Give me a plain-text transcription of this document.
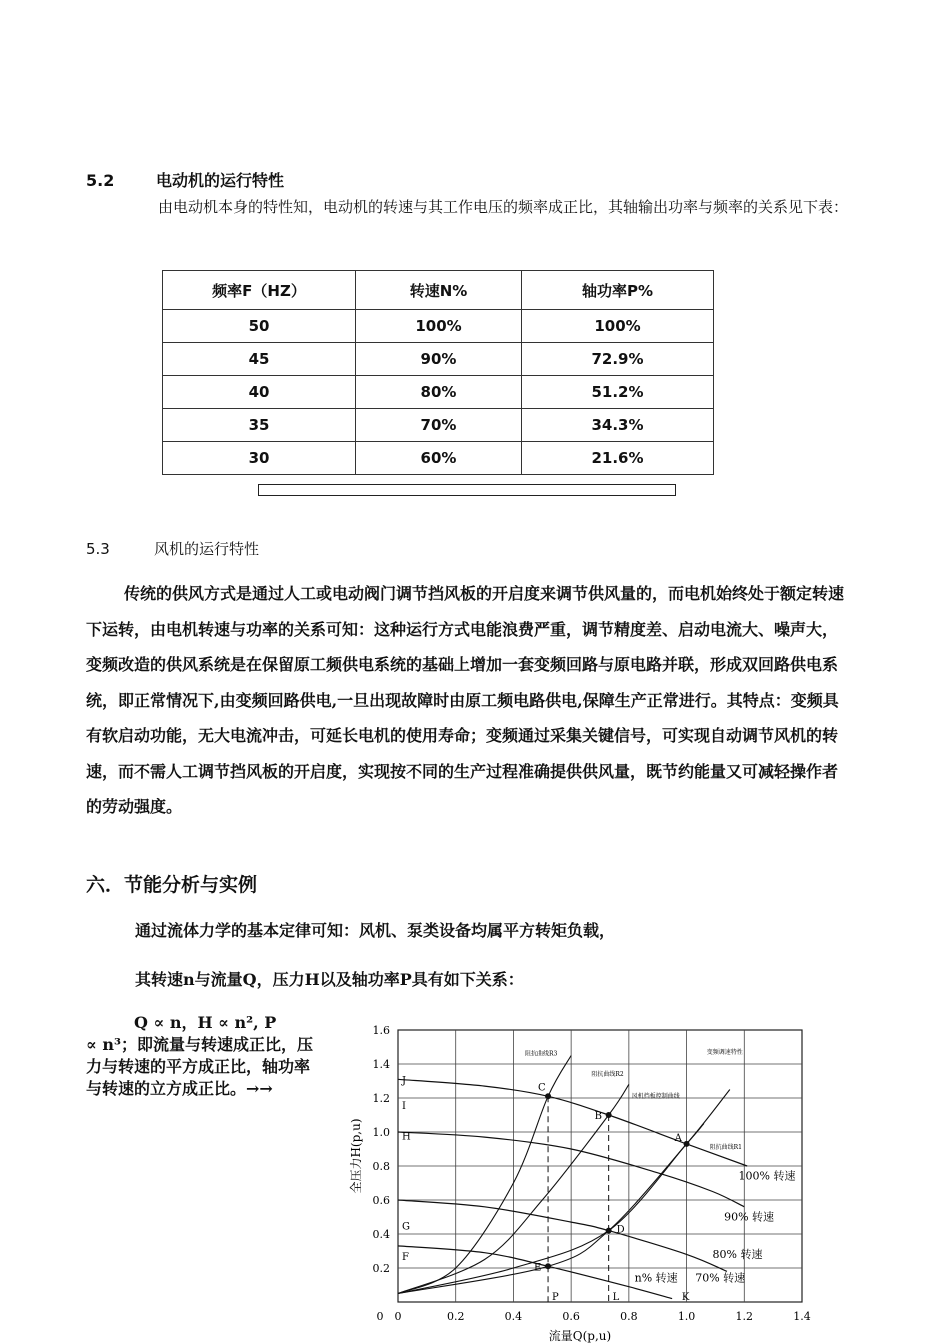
5.2	电动机的运行特性
由电动机本身的特性知，电动机的转速与其工作电压的频率成正比，其轴输出功率与频率的关系见下表：
频率F（HZ）	转速N%	轴功率P%
50	100%	100%
45	90%	72.9%
40	80%	51.2%
35	70%	34.3%
30	60%	21.6%
5.3	风机的运行特性
传统的供风方式是通过人工或电动阀门调节挡风板的开启度来调节供风量的，而电机始终处于额定转速下运转，由电机转速与功率的关系可知：这种运行方式电能浪费严重，调节精度差、启动电流大、噪声大，变频改造的供风系统是在保留原工频供电系统的基础上增加一套变频回路与原电路并联，形成双回路供电系统，即正常情况下,由变频回路供电,一旦出现故障时由原工频电路供电,保障生产正常进行。其特点：变频具有软启动功能，无大电流冲击，可延长电机的使用寿命；变频通过采集关键信号，可实现自动调节风机的转速，而不需人工调节挡风板的开启度，实现按不同的生产过程准确提供供风量，既节约能量又可减轻操作者的劳动强度。
六．节能分析与实例
通过流体力学的基本定律可知：风机、泵类设备均属平方转矩负载，
其转速n与流量Q，压力H以及轴功率P具有如下关系：
Q ∝ n，H ∝ n², P
∝ n³；即流量与转速成正比，压力与转速的平方成正比，轴功率与转速的立方成正比。→→
0	0.2	0.4	0.6	0.8	1.0	1.2	1.4
0
0.2
0.4
0.6
0.8
1.0
1.2
1.4
1.6
C
B
A
D
E
J
I
H
G
F
P	L	K
阻抗曲线R3
阻抗曲线R2
变频调速特性
风机挡板控制曲线
阻抗曲线R1
100% 转速
90% 转速
80% 转速
70% 转速
n% 转速
全压力H(p,u)
流量Q(p,u)
